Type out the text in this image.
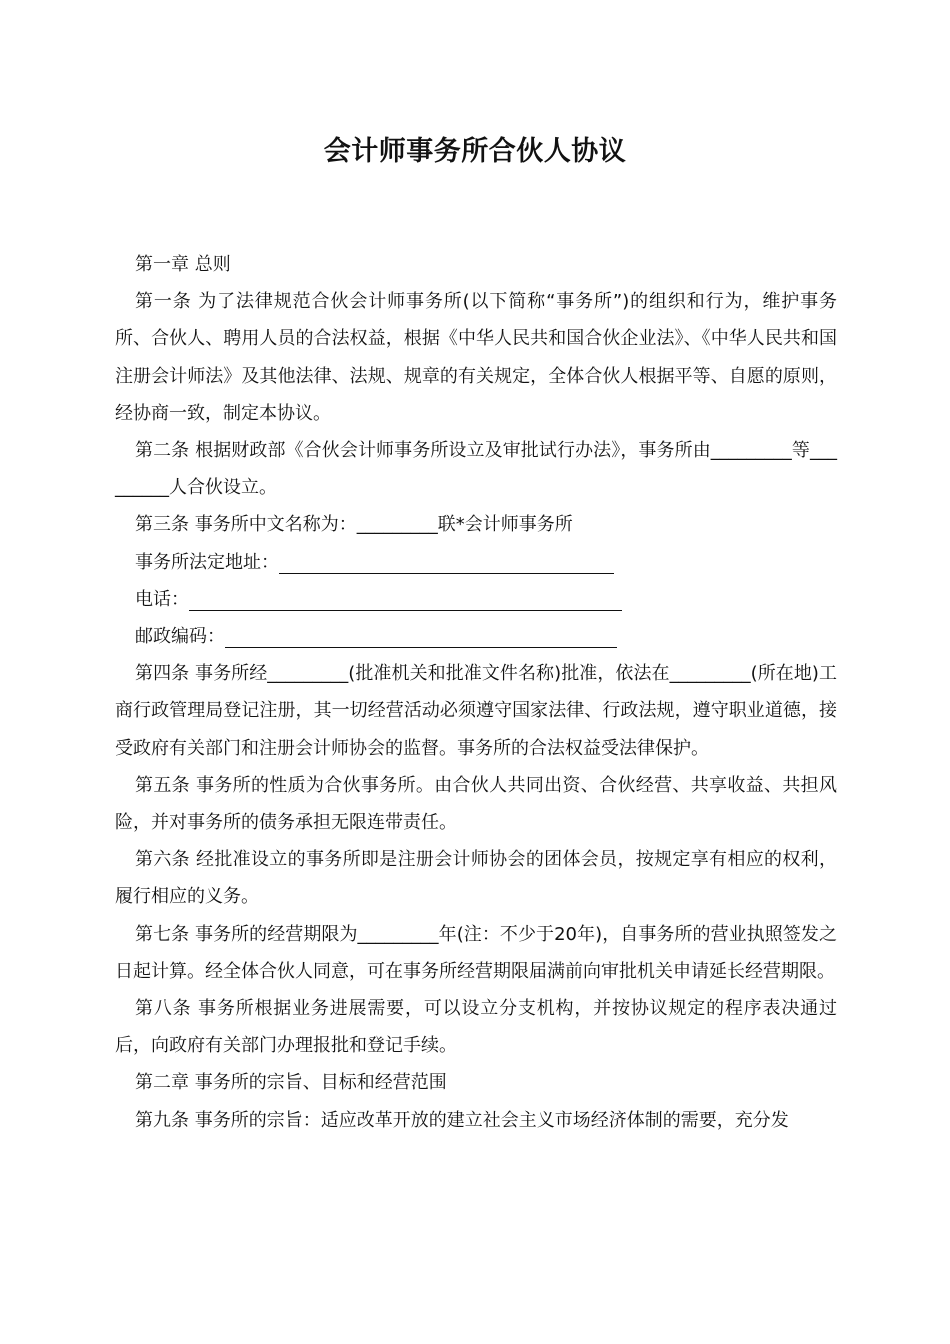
会计师事务所合伙人协议

第一章 总则

第一条 为了法律规范合伙会计师事务所(以下简称“事务所”)的组织和行为，维护事务所、合伙人、聘用人员的合法权益，根据《中华人民共和国合伙企业法》、《中华人民共和国注册会计师法》及其他法律、法规、规章的有关规定，全体合伙人根据平等、自愿的原则，经协商一致，制定本协议。

第二条 根据财政部《合伙会计师事务所设立及审批试行办法》，事务所由_________等_________人合伙设立。

第三条 事务所中文名称为：_________联*会计师事务所

事务所法定地址：

电话：

邮政编码：

第四条 事务所经_________(批准机关和批准文件名称)批准，依法在_________(所在地)工商行政管理局登记注册，其一切经营活动必须遵守国家法律、行政法规，遵守职业道德，接受政府有关部门和注册会计师协会的监督。事务所的合法权益受法律保护。

第五条 事务所的性质为合伙事务所。由合伙人共同出资、合伙经营、共享收益、共担风险，并对事务所的债务承担无限连带责任。

第六条 经批准设立的事务所即是注册会计师协会的团体会员，按规定享有相应的权利，履行相应的义务。

第七条 事务所的经营期限为_________年(注：不少于20年)，自事务所的营业执照签发之日起计算。经全体合伙人同意，可在事务所经营期限届满前向审批机关申请延长经营期限。

第八条 事务所根据业务进展需要，可以设立分支机构，并按协议规定的程序表决通过后，向政府有关部门办理报批和登记手续。

第二章 事务所的宗旨、目标和经营范围

第九条 事务所的宗旨：适应改革开放的建立社会主义市场经济体制的需要，充分发
